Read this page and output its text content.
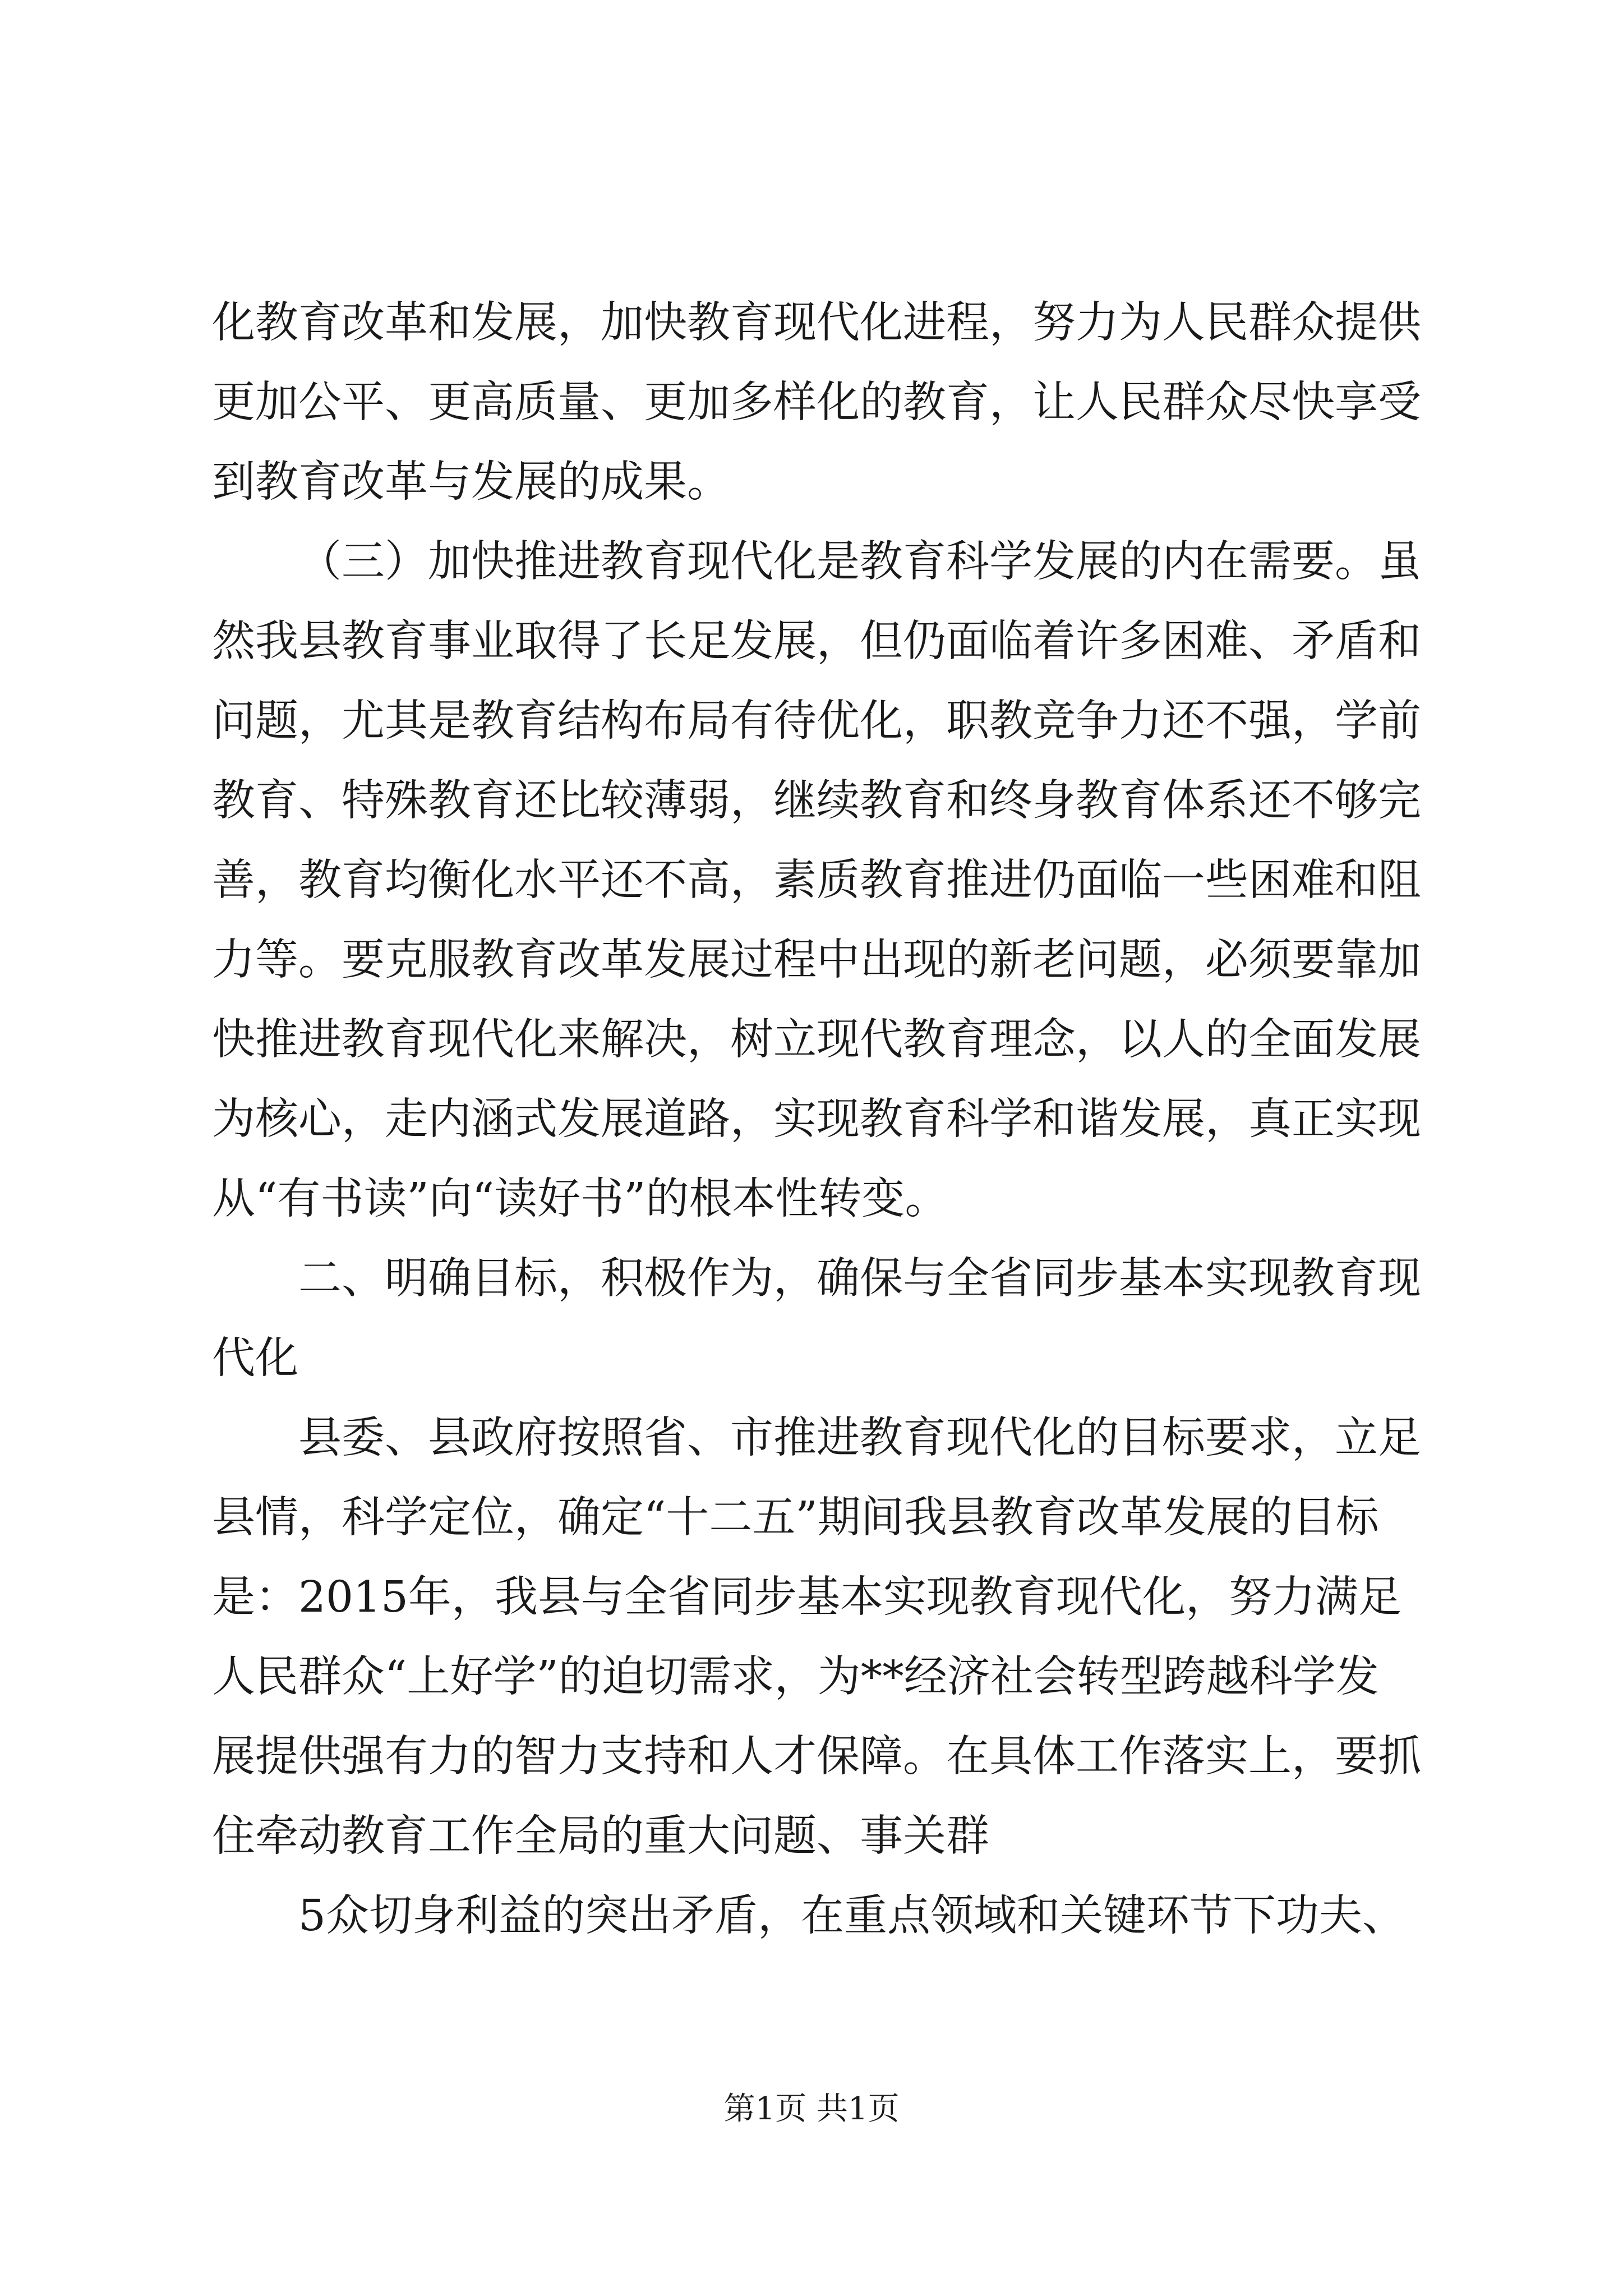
化教育改革和发展，加快教育现代化进程，努力为人民群众提供
更加公平、更高质量、更加多样化的教育，让人民群众尽快享受
到教育改革与发展的成果。

（三）加快推进教育现代化是教育科学发展的内在需要。虽
然我县教育事业取得了长足发展，但仍面临着许多困难、矛盾和
问题，尤其是教育结构布局有待优化，职教竞争力还不强，学前
教育、特殊教育还比较薄弱，继续教育和终身教育体系还不够完
善，教育均衡化水平还不高，素质教育推进仍面临一些困难和阻
力等。要克服教育改革发展过程中出现的新老问题，必须要靠加
快推进教育现代化来解决，树立现代教育理念，以人的全面发展
为核心，走内涵式发展道路，实现教育科学和谐发展，真正实现
从“有书读”向“读好书”的根本性转变。

二、明确目标，积极作为，确保与全省同步基本实现教育现
代化

县委、县政府按照省、市推进教育现代化的目标要求，立足
县情，科学定位，确定“十二五”期间我县教育改革发展的目标
是：2015年，我县与全省同步基本实现教育现代化，努力满足
人民群众“上好学”的迫切需求，为**经济社会转型跨越科学发
展提供强有力的智力支持和人才保障。在具体工作落实上，要抓
住牵动教育工作全局的重大问题、事关群

5众切身利益的突出矛盾，在重点领域和关键环节下功夫、

第1页 共1页
